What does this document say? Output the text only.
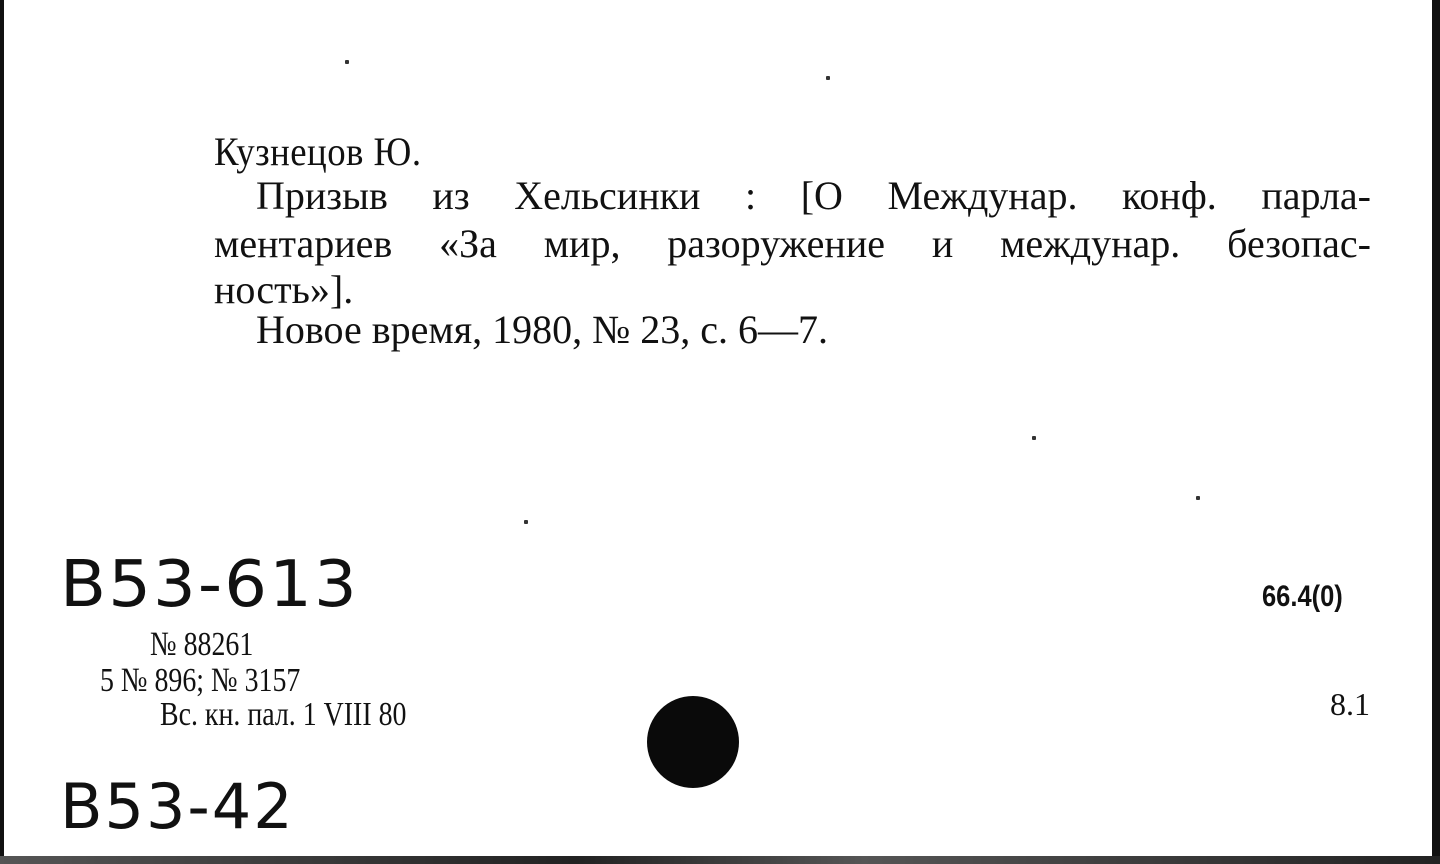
Кузнецов Ю.
Призыв из Хельсинки : [О Междунар. конф. парла-
ментариев «За мир, разоружение и междунар. безопас-
ность»].
Новое время, 1980, № 23, с. 6—7.
B53-613
№ 88261
5 № 896; № 3157
Вс. кн. пал. 1 VIII 80
B53-42
66.4(0)
8.1
